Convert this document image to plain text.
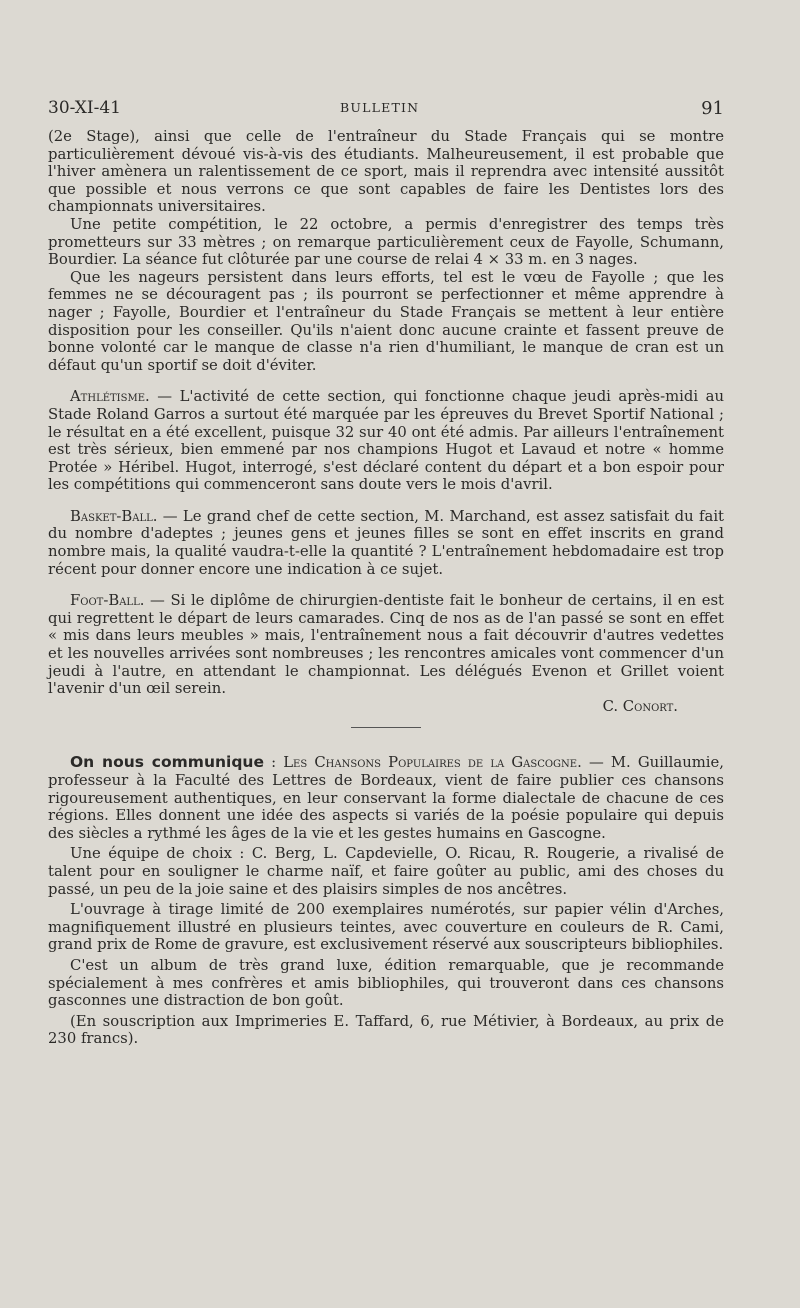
30-XI-41	BULLETIN	91

(2e Stage), ainsi que celle de l'entraîneur du Stade Français qui se montre particulièrement dévoué vis-à-vis des étudiants. Malheureusement, il est probable que l'hiver amènera un ralentissement de ce sport, mais il reprendra avec intensité aussitôt que possible et nous verrons ce que sont capables de faire les Dentistes lors des championnats universitaires.

Une petite compétition, le 22 octobre, a permis d'enregistrer des temps très prometteurs sur 33 mètres ; on remarque particulièrement ceux de Fayolle, Schumann, Bourdier. La séance fut clôturée par une course de relai 4 × 33 m. en 3 nages.

Que les nageurs persistent dans leurs efforts, tel est le vœu de Fayolle ; que les femmes ne se découragent pas ; ils pourront se perfectionner et même apprendre à nager ; Fayolle, Bourdier et l'entraîneur du Stade Français se mettent à leur entière disposition pour les conseiller. Qu'ils n'aient donc aucune crainte et fassent preuve de bonne volonté car le manque de classe n'a rien d'humiliant, le manque de cran est un défaut qu'un sportif se doit d'éviter.

Athlétisme. — L'activité de cette section, qui fonctionne chaque jeudi après-midi au Stade Roland Garros a surtout été marquée par les épreuves du Brevet Sportif National ; le résultat en a été excellent, puisque 32 sur 40 ont été admis. Par ailleurs l'entraînement est très sérieux, bien emmené par nos champions Hugot et Lavaud et notre « homme Protée » Héribel. Hugot, interrogé, s'est déclaré content du départ et a bon espoir pour les compétitions qui commenceront sans doute vers le mois d'avril.

Basket-Ball. — Le grand chef de cette section, M. Marchand, est assez satisfait du fait du nombre d'adeptes ; jeunes gens et jeunes filles se sont en effet inscrits en grand nombre mais, la qualité vaudra-t-elle la quantité ? L'entraînement hebdomadaire est trop récent pour donner encore une indication à ce sujet.

Foot-Ball. — Si le diplôme de chirurgien-dentiste fait le bonheur de certains, il en est qui regrettent le départ de leurs camarades. Cinq de nos as de l'an passé se sont en effet « mis dans leurs meubles » mais, l'entraînement nous a fait découvrir d'autres vedettes et les nouvelles arrivées sont nombreuses ; les rencontres amicales vont commencer d'un jeudi à l'autre, en attendant le championnat. Les délégués Evenon et Grillet voient l'avenir d'un œil serein.

C. Conort.

On nous communique : Les Chansons Populaires de la Gascogne. — M. Guillaumie, professeur à la Faculté des Lettres de Bordeaux, vient de faire publier ces chansons rigoureusement authentiques, en leur conservant la forme dialectale de chacune de ces régions. Elles donnent une idée des aspects si variés de la poésie populaire qui depuis des siècles a rythmé les âges de la vie et les gestes humains en Gascogne.

Une équipe de choix : C. Berg, L. Capdevielle, O. Ricau, R. Rougerie, a rivalisé de talent pour en souligner le charme naïf, et faire goûter au public, ami des choses du passé, un peu de la joie saine et des plaisirs simples de nos ancêtres.

L'ouvrage à tirage limité de 200 exemplaires numérotés, sur papier vélin d'Arches, magnifiquement illustré en plusieurs teintes, avec couverture en couleurs de R. Cami, grand prix de Rome de gravure, est exclusivement réservé aux souscripteurs bibliophiles.

C'est un album de très grand luxe, édition remarquable, que je recommande spécialement à mes confrères et amis bibliophiles, qui trouveront dans ces chansons gasconnes une distraction de bon goût.

(En souscription aux Imprimeries E. Taffard, 6, rue Métivier, à Bordeaux, au prix de 230 francs).
